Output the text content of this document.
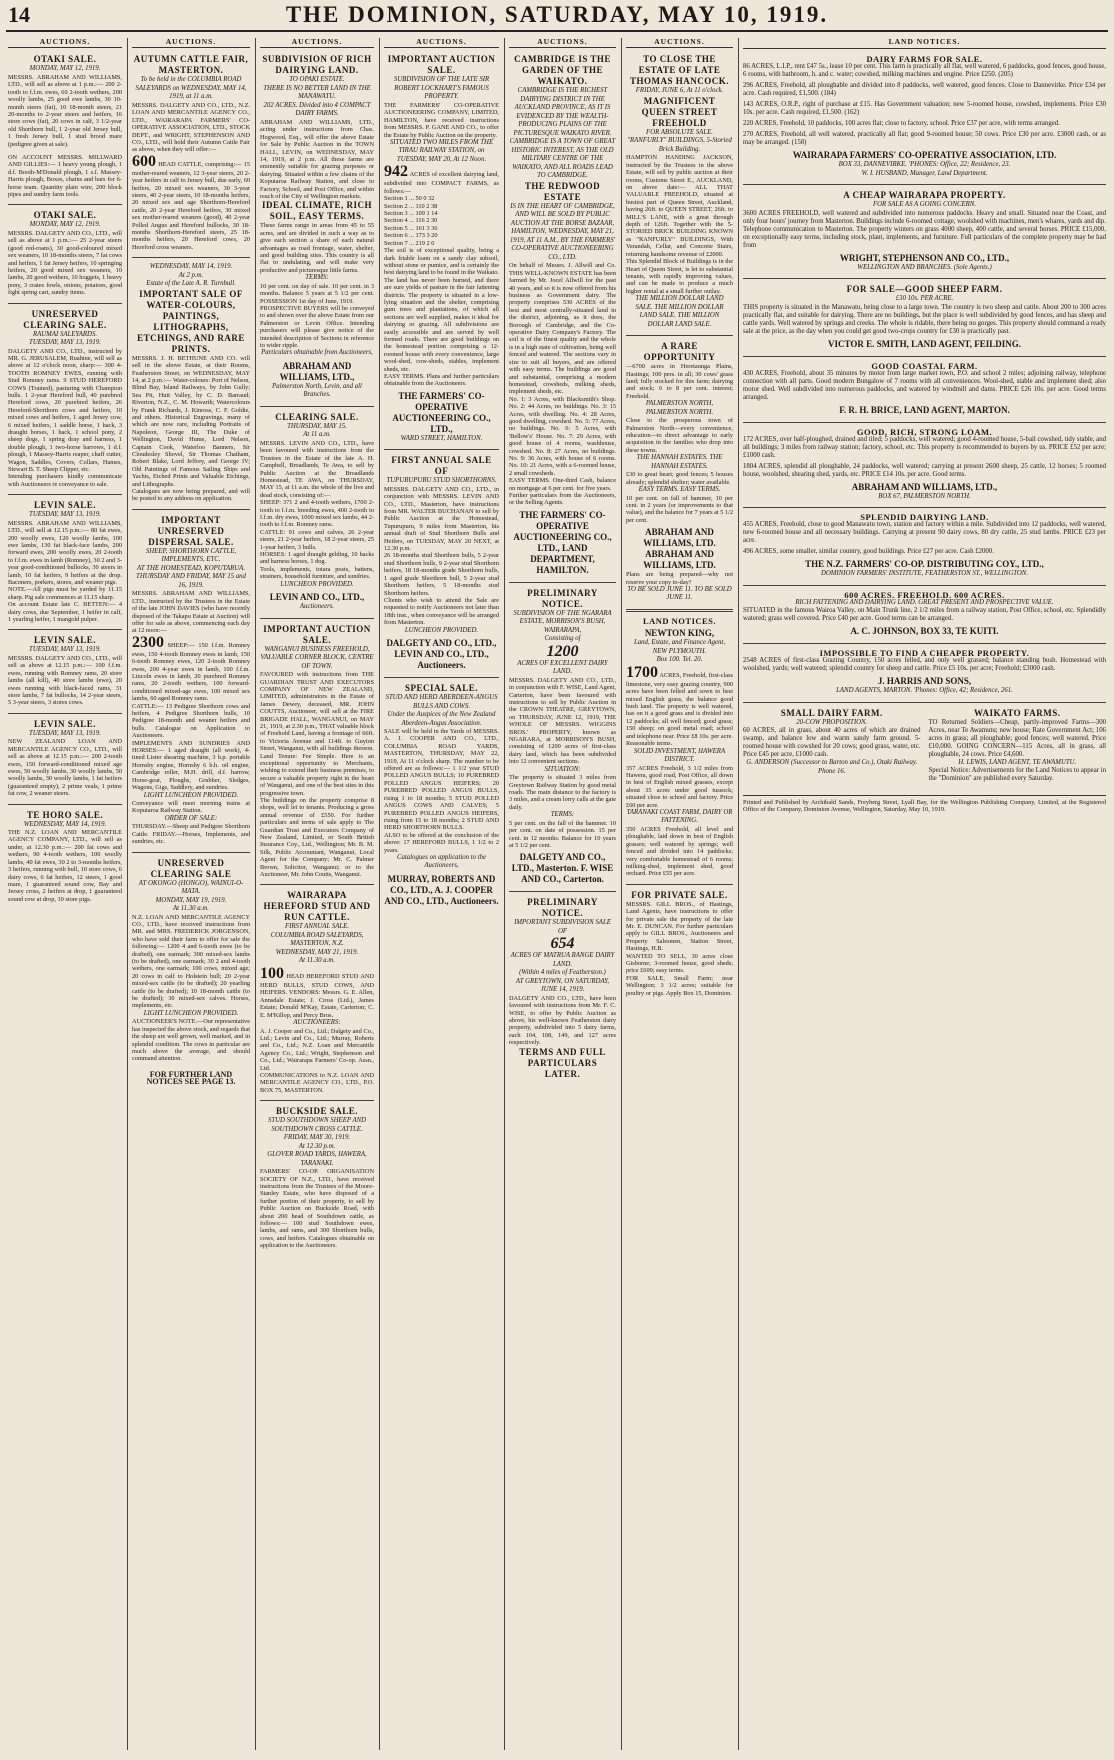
14	THE DOMINION, SATURDAY, MAY 10, 1919.
AUCTIONS.
OTAKI SALE.
MONDAY, MAY 12, 1919.
MESSRS. ABRAHAM AND WILLIAMS, LTD., will sell as above at 1 p.m.:— 200 2-tooth to f.f.m. ewes, 60 2-tooth wethers, 200 woolly lambs, 25 good ewe lambs, 30 10-month steers (fat), 10 18-month steers, 21 20-months to 2-year steers and heifers, 16 store cows (fat), 20 cows in calf, 3 1/2-year old Shorthorn bull, 1 2-year old Jersey bull, 1 fresh Jersey bull, 1 stud brood mare (pedigree given at sale).
ON ACCOUNT MESSRS. MILLWARD AND GILLIES:— 1 heavy young plough, 1 d.f. Booth-M'Donald plough, 1 s.f. Massey-Harris plough, Boxes, chains and bars for 6-horse team. Quantity plain wire, 200 block pipes and sundry farm tools.
OTAKI SALE.
MONDAY, MAY 12, 1919.
MESSRS. DALGETY AND CO., LTD., will sell as above at 1 p.m.:— 25 2-year steers (good red-roans), 30 good-coloured mixed sex weaners, 10 18-months steers, 7 fat cows and heifers, 1 fat Jersey heifers, 10 springing heifers, 20 good mixed sex weaners, 10 lambs, 20 good wethers, 10 hoggets, 1 heavy pony, 3 crates fowls, onions, potatoes, good fight spring cart, sundry items.
UNRESERVED CLEARING SALE.
RAUMAI SALEYARDS.
TUESDAY, MAY 13, 1919.
DALGETY AND CO., LTD., instructed by MR. G. JERUSALEM, Ruahine, will sell as above at 12 o'clock noon, sharp:— 300 4-TOOTH ROMNEY EWES, running with Stud Romney rams. 9 STUD HEREFORD COWS (Trained), pasturing with Champion bulls. 1 2-year Hereford bull, 40 purebred Hereford cows, 20 purebred heifers, 26 Hereford-Shorthorn cows and heifers, 10 mixed cows and heifers, 1 aged Jersey cow, 6 mixed heifers, 1 saddle horse, 1 hack, 3 draught horses, 1 hack, 1 school pony, 2 sheep dogs, 1 spring dray and harness, 1 double plough, 1 two-horse harrows, 1 d.f. plough, 1 Massey-Harris reaper, chaff cutter, Wagon, Saddles, Covers, Collars, Hames, Stewart B. T. Sheep Clipper, etc.
Intending purchasers kindly communicate with Auctioneers re conveyance to sale.
LEVIN SALE.
TUESDAY, MAY 13, 1919.
MESSRS. ABRAHAM AND WILLIAMS, LTD., will sell at 12.15 p.m.:— 80 fat ewes, 200 woolly ewes, 120 woolly lambs, 100 ewe lambs, 130 fat black-face lambs, 200 forward ewes, 200 woolly ewes, 20 2-tooth to f.f.m. ewes in lamb (Romney), 30 2 and 3-year good-conditioned bullocks, 30 steers in lamb, 10 fat heifers, 9 heifers at the drop. Baconers, porkers, stores, and weaner pigs.
NOTE.—All pigs must be yarded by 11.15 sharp. Pig sale commences at 11.15 sharp.
On account Estate late C. BETTEN:— 4 dairy cows, due September, 1 heifer in calf, 1 yearling heifer, 1 mangold pulper.
LEVIN SALE.
TUESDAY, MAY 13, 1919.
MESSRS. DALGETY AND CO., LTD., will sell as above at 12.15 p.m.:— 100 f.f.m. ewes, running with Romney rams, 20 store lambs (all kill), 40 store lambs (ewe), 20 ewes running with black-faced rams, 31 store lambs, 7 fat bullocks, 14 2-year steers, 5 3-year steers, 3 stores cows.
LEVIN SALE.
TUESDAY, MAY 13, 1919.
NEW ZEALAND LOAN AND MERCANTILE AGENCY CO., LTD., will sell as above at 12.15 p.m.:— 200 2-tooth ewes, 150 forward-conditioned mixed age ewes, 50 woolly lambs, 30 woolly lambs, 50 woolly lambs, 30 woolly lambs, 1 fat heifers (guaranteed empty), 2 prime veals, 1 prime fat cow, 2 weaner steers.
TE HORO SALE.
WEDNESDAY, MAY 14, 1919.
THE N.Z. LOAN AND MERCANTILE AGENCY COMPANY, LTD., will sell as under, at 12.30 p.m.:— 200 fat cows and wethers, 90 4-tooth wethers, 100 woolly lambs, 40 fat ewes, 30 2 to 3-months heifers, 3 heifers, running with bull, 10 store cows, 6 dairy cows, 6 fat heifers, 12 steers, 1 good mare, 1 guaranteed sound cow, Bay and Jersey cross, 2 heifers at drop, 1 guaranteed sound cow at drop, 10 store pigs.
AUCTIONS.
AUTUMN CATTLE FAIR, MASTERTON.
To be held in the COLUMBIA ROAD SALEYARDS on WEDNESDAY, MAY 14, 1919, at 11 a.m.
MESSRS. DALGETY AND CO., LTD., N.Z. LOAN AND MERCANTILE AGENCY CO., LTD., WAIRARAPA FARMERS' CO-OPERATIVE ASSOCIATION, LTD., STOCK DEPT., and WRIGHT, STEPHENSON AND CO., LTD., will hold their Autumn Cattle Fair as above, when they will offer:—
600 HEAD CATTLE, comprising:— 15 mother-reared weaners, 12 3-year steers, 20 2-year heifers in calf to Jersey bull, due early, 60 heifers, 20 mixed sex weaners, 30 3-year steers, 40 2-year steers, 10 18-months heifers, 20 mixed sex and age Shorthorn-Hereford cattle, 20 2-year Hereford heifers, 30 mixed sex mother-reared weaners (good), 40 2-year Polled Angus and Hereford bullocks, 30 18-months Shorthorn-Hereford steers, 25 18-months heifers, 20 Hereford cows, 20 Hereford cross weaners.
WEDNESDAY, MAY 14, 1919.
At 2 p.m.
Estate of the Late A. R. Turnbull.
IMPORTANT SALE OF WATER-COLOURS, PAINTINGS, LITHOGRAPHS, ETCHINGS, AND RARE PRINTS.
MESSRS. J. H. BETHUNE AND CO. will sell in the above Estate, at their Rooms, Featherston Street, on WEDNESDAY, MAY 14, at 2 p.m.:— Water-colours: Port of Nelson, Blind Bay, Island Railways, by John Gully; Sea Pit, Hutt Valley, by C. D. Barraud; Riverton, N.Z., C. M. Howarth; Watercolours by Frank Richards, J. Kinross, C. F. Goldie, and others. Historical Engravings, many of which are now rare, including Portraits of Napoleon, George III, The Duke of Wellington, David Hume, Lord Nelson, Captain Cook, Waterloo Banners, Sir Cloudesley Shovel, Sir Thomas Chatham, Robert Blake, Lord Jeffrey, and George IV; Old Paintings of Famous Sailing Ships and Yachts, Etched Prints and Valuable Etchings, and Lithographs.
Catalogues are now being prepared, and will be posted to any address on application.
IMPORTANT UNRESERVED DISPERSAL SALE.
SHEEP, SHORTHORN CATTLE, IMPLEMENTS, ETC.
AT THE HOMESTEAD, KOPUTARUA.
THURSDAY AND FRIDAY, MAY 15 and 16, 1919.
MESSRS. ABRAHAM AND WILLIAMS, LTD., instructed by the Trustees in the Estate of the late JOHN DAVIES (who have recently disposed of the Takapu Estate at Auction) will offer for sale as above, commencing each day at 12 noon:—
2300 SHEEP:— 150 f.f.m. Romney ewes, 150 4-tooth Romney ewes in lamb, 150 6-tooth Romney ewes, 120 2-tooth Romney ewes, 200 4-year ewes in lamb, 100 f.f.m. Lincoln ewes in lamb, 20 purebred Romney rams, 20 2-tooth wethers, 100 forward-conditioned mixed-age ewes, 100 mixed sex lambs, 60 aged Romney rams.
CATTLE:— 13 Pedigree Shorthorn cows and heifers, 4 Pedigree Shorthorn bulls, 10 Pedigree 18-month and weaner heifers and bulls. Catalogue on Application to Auctioneers.
IMPLEMENTS AND SUNDRIES AND HORSES:— 1 aged draught (all work), 4-tined Lister shearing machine, 3 h.p. portable Hornsby engine, Hornsby 6 b.h. oil engine, Cambridge roller, M.H. drill, d.f. harrow, Horse-gear, Ploughs, Grubber, Sledges, Wagons, Gigs, Saddlery, and sundries.
LIGHT LUNCHEON PROVIDED.
Conveyance will meet morning trains at Koputaroa Railway Station.
ORDER OF SALE:
THURSDAY.—Sheep and Pedigree Shorthorn Cattle. FRIDAY.—Horses, Implements, and sundries, etc.
UNRESERVED CLEARING SALE
AT OKONGO (HONGO), WAINUI-O-MATA.
MONDAY, MAY 19, 1919.
At 11.30 a.m.
N.Z. LOAN AND MERCANTILE AGENCY CO., LTD., have received instructions from MR. and MRS. FREDERICK JORGENSON, who have sold their farm to offer for sale the following:— 1200 4 and 6-tooth ewes (to be drafted), one earmark; 300 mixed-sex lambs (to be drafted), one earmark; 30 2 and 4-tooth wethers, one earmark; 100 cows, mixed age; 20 cows in calf to Holstein bull; 20 2-year mixed-sex cattle (to be drafted); 20 yearling cattle (to be drafted); 10 18-month cattle (to be drafted); 30 mixed-sex calves. Horses, implements, etc.
LIGHT LUNCHEON PROVIDED.
AUCTIONEER'S NOTE.—Our representative has inspected the above stock, and regards that the sheep are well grown, well marked, and in splendid condition. The cows in particular are much above the average, and should command attention.
FOR FURTHER LAND NOTICES SEE PAGE 13.
AUCTIONS.
SUBDIVISION OF RICH DAIRYING LAND.
TO OPAKI ESTATE.
THERE IS NO BETTER LAND IN THE MANAWATU.
202 ACRES. Divided into 4 COMPACT DAIRY FARMS.
ABRAHAM AND WILLIAMS, LTD., acting under instructions from Chas. Hogwood, Esq., will offer the above Estate for Sale by Public Auction in the TOWN HALL, LEVIN, on WEDNESDAY, MAY 14, 1919, at 2 p.m. All these farms are eminently suitable for grazing purposes or dairying. Situated within a few chains of the Koputaroa Railway Station, and close to Factory, School, and Post Office, and within reach of the City of Wellington markets.
IDEAL CLIMATE, RICH SOIL, EASY TERMS.
These farms range in areas from 45 to 55 acres, and are divided in such a way as to give each section a share of each natural advantages as road frontage, water, shelter, and good building sites. This country is all flat to undulating, and will make very productive and picturesque little farms.
TERMS:
10 per cent. on day of sale. 10 per cent. in 3 months. Balance 5 years at 5 1/2 per cent. POSSESSION 1st day of June, 1919.
PROSPECTIVE BUYERS will be conveyed to and shown over the above Estate from our Palmerston or Levin Office. Intending purchasers will please give notice of the intended description of Sections in reference to wider ripple.
Particulars obtainable from Auctioneers,
ABRAHAM AND WILLIAMS, LTD.,
Palmerston North, Levin, and all Branches.
CLEARING SALE.
THURSDAY, MAY 15.
At 11 a.m.
MESSRS. LEVIN AND CO., LTD., have been favoured with instructions from the Trustees in the Estate of the late A. H. Campbell, Broadlands, Te Awa, to sell by Public Auction at the Broadlands Homestead, TE AWA, on THURSDAY, MAY 15, at 11 a.m. the whole of the live and dead stock, consisting of:—
SHEEP: 371 2 and 4-tooth wethers, 1700 2-tooth to f.f.m. breeding ewes, 400 2-tooth to f.f.m. dry ewes, 1000 mixed sex lambs, 44 2-tooth to f.f.m. Romney rams.
CATTLE: 91 cows and calves, 26 2-year steers, 21 2-year heifers, 18 2-year steers, 25 1-year heifers, 3 bulls.
HORSES: 1 aged draught gelding, 10 hacks and harness horses, 1 dog.
Tools, implements, totara posts, battens, strainers, household furniture, and sundries.
LUNCHEON PROVIDED.
LEVIN AND CO., LTD.,
Auctioneers.
IMPORTANT AUCTION SALE.
WANGANUI BUSINESS FREEHOLD, VALUABLE CORNER BLOCK, CENTRE OF TOWN.
FAVOURED with instructions from THE GUARDIAN TRUST AND EXECUTORS COMPANY OF NEW ZEALAND, LIMITED, administrators in the Estate of James Dewey, deceased, MR. JOHN COUTTS, Auctioneer, will sell at the FIRE BRIGADE HALL, WANGANUI, on MAY 21, 1919, at 2.30 p.m., THAT valuable block of Freehold Land, having a frontage of 66ft. to Victoria Avenue and 114ft. to Guyton Street, Wanganui, with all buildings thereon. Land Tenure: Fee Simple. Here is an exceptional opportunity to Merchants, wishing to extend their business premises, to secure a valuable property right in the heart of Wanganui, and one of the best sites in this progressive town.
The buildings on the property comprise 8 shops, well let to tenants. Producing a gross annual revenue of £550. For further particulars and terms of sale apply to The Guardian Trust and Executors Company of New Zealand, Limited, or South British Insurance Coy., Ltd., Wellington; Mr. B. M. Silk, Public Accountant, Wanganui, Local Agent for the Company; Mr. C. Palmer Brown, Solicitor, Wanganui; or to the Auctioneer, Mr. John Coutts, Wanganui.
WAIRARAPA HEREFORD STUD AND RUN CATTLE.
FIRST ANNUAL SALE.
COLUMBIA ROAD SALEYARDS, MASTERTON, N.Z.
WEDNESDAY, MAY 21, 1919.
At 11.30 a.m.
100 HEAD HEREFORD STUD AND HERD BULLS, STUD COWS, AND HEIFERS. VENDORS: Messrs. G. E. Allen, Annsdale Estate; J. Cross (Ltd.), James Estate; Donald M'Kay, Estate, Carterton; C. E. M'Killop, and Percy Bros.
AUCTIONEERS:
A. J. Cooper and Co., Ltd.; Dalgety and Co., Ltd.; Levin and Co., Ltd.; Murray, Roberts and Co., Ltd.; N.Z. Loan and Mercantile Agency Co., Ltd.; Wright, Stephenson and Co., Ltd.; Wairarapa Farmers' Co-op. Assn., Ltd.
COMMUNICATIONS to N.Z. LOAN AND MERCANTILE AGENCY CO., LTD., P.O. BOX 75, MASTERTON.
BUCKSIDE SALE.
STUD SOUTHDOWN SHEEP AND SOUTHDOWN CROSS CATTLE.
FRIDAY, MAY 30, 1919.
At 12.30 p.m.
GLOVER ROAD YARDS, HAWERA, TARANAKI.
FARMERS' CO-OP. ORGANISATION SOCIETY OF N.Z., LTD., have received instructions from the Trustees of the Moore-Stanley Estate, who have disposed of a further portion of their property, to sell by Public Auction on Buckside Road, with about 200 head of Southdown cattle, as follows:— 100 stud Southdown ewes, lambs, and rams, and 300 Shorthorn bulls, cows, and heifers. Catalogues obtainable on application to the Auctioneers.
AUCTIONS.
IMPORTANT AUCTION SALE.
SUBDIVISION OF THE LATE SIR ROBERT LOCKHART'S FAMOUS PROPERTY.
THE FARMERS' CO-OPERATIVE AUCTIONEERING COMPANY, LIMITED, HAMILTON, have received instructions from MESSRS. P. GANE AND CO., to offer the Estate by Public Auction on the property.
SITUATED TWO MILES FROM THE TIRAU RAILWAY STATION, on TUESDAY, MAY 20, At 12 Noon.
942 ACRES of excellent dairying land, subdivided into COMPACT FARMS, as follows:—
Section 1 ... 50 0 32
Section 2 ... 110 2 38
Section 3 ... 109 1 14
Section 4 ... 116 2 30
Section 5 ... 161 3 36
Section 6 ... 173 3 20
Section 7 ... 219 2 0
The soil is of exceptional quality, being a dark friable loam on a sandy clay subsoil, without stone or pumice, and is certainly the best dairying land to be found in the Waikato. The land has never been burned, and there are sure yields of pasture in the fair fattening districts. The property is situated in a low-lying situation and the shelter, comprising gum trees and plantations, of which all sections are well supplied, makes it ideal for dairying or grazing. All subdivisions are easily accessible and are served by well formed roads. There are good buildings on the homestead portion comprising a 12-roomed house with every convenience, large wool-shed, cow-sheds, stables, implement sheds, etc.
EASY TERMS. Plans and further particulars obtainable from the Auctioneers.
THE FARMERS' CO-OPERATIVE AUCTIONEERING CO., LTD.,
WARD STREET, HAMILTON.
FIRST ANNUAL SALE OF
TUPURUPURU STUD SHORTHORNS.
MESSRS. DALGETY AND CO., LTD., in conjunction with MESSRS. LEVIN AND CO., LTD., Masterton, have instructions from MR. WALTER BUCHANAN to sell by Public Auction at the Homestead, Tupurupuru, 9 miles from Masterton, his annual draft of Stud Shorthorn Bulls and Heifers, on TUESDAY, MAY 20 NEXT, at 12.30 p.m.
26 18-months stud Shorthorn bulls, 5 2-year stud Shorthorn bulls, 9 2-year stud Shorthorn heifers, 18 18-months grade Shorthorn bulls, 1 aged grade Shorthorn bull, 5 2-year stud Shorthorn heifers, 5 18-months stud Shorthorn heifers.
Clients who wish to attend the Sale are requested to notify Auctioneers not later than 18th inst., when conveyance will be arranged from Masterton.
LUNCHEON PROVIDED.
DALGETY AND CO., LTD., LEVIN AND CO., LTD., Auctioneers.
SPECIAL SALE.
STUD AND HERD ABERDEEN-ANGUS BULLS AND COWS.
Under the Auspices of the New Zealand Aberdeen-Angus Association.
SALE will be held in the Yards of MESSRS. A. J. COOPER AND CO., LTD., COLUMBIA ROAD YARDS, MASTERTON, THURSDAY, MAY 22, 1919, At 11 o'clock sharp. The number to be offered are as follows:— 1 1/2 year STUD POLLED ANGUS BULLS; 10 PUREBRED POLLED ANGUS HEIFERS; 20 PUREBRED POLLED ANGUS BULLS, rising 1 to 18 months; 5 STUD POLLED ANGUS COWS AND CALVES; 5 PUREBRED POLLED ANGUS HEIFERS, rising from 15 to 18 months; 2 STUD AND HERD SHORTHORN BULLS.
ALSO to be offered at the conclusion of the above: 17 HEREFORD BULLS, 1 1/2 to 2 years.
Catalogues on application to the Auctioneers,
MURRAY, ROBERTS AND CO., LTD., A. J. COOPER AND CO., LTD., Auctioneers.
AUCTIONS.
CAMBRIDGE IS THE GARDEN OF THE WAIKATO.
CAMBRIDGE IS THE RICHEST DAIRYING DISTRICT IN THE AUCKLAND PROVINCE, AS IT IS EVIDENCED BY THE WEALTH-PRODUCING PLAINS OF THE PICTURESQUE WAIKATO RIVER.
CAMBRIDGE IS A TOWN OF GREAT HISTORIC INTEREST, AS THE OLD MILITARY CENTRE OF THE WAIKATO, AND ALL ROADS LEAD TO CAMBRIDGE.
THE REDWOOD ESTATE
IS IN THE HEART OF CAMBRIDGE, AND WILL BE SOLD BY PUBLIC AUCTION AT THE BORSE BAZAAR, HAMILTON, WEDNESDAY, MAY 21, 1919, AT 11 A.M., BY THE FARMERS' CO-OPERATIVE AUCTIONEERING CO., LTD.
On behalf of Messrs. J. Allwill and Co. THIS WELL-KNOWN ESTATE has been farmed by Mr. Jocel Allwill for the past 40 years, and so it is now offered from his business as Government dairy. The property comprises 530 ACRES of the best and most centrally-situated land in the district, adjoining, as it does, the Borough of Cambridge, and the Co-operative Dairy Company's Factory. The soil is of the finest quality and the whole is in a high state of cultivation, being well fenced and watered. The sections vary in size to suit all buyers, and are offered with easy terms. The buildings are good and substantial, comprising a modern homestead, cowsheds, milking sheds, implement sheds, etc.
No. 1: 3 Acres, with Blacksmith's Shop. No. 2: 44 Acres, no buildings. No. 3: 15 Acres, with dwelling. No. 4: 28 Acres, good dwelling, cowshed. No. 5: 77 Acres, no buildings. No. 6: 5 Acres, with 'Bellow's' House. No. 7: 29 Acres, with good house of 4 rooms, washhouse, cowshed. No. 8: 27 Acres, no buildings. No. 9: 36 Acres, with house of 6 rooms. No. 10: 21 Acres, with a 6-roomed house, 2 small cowsheds.
EASY TERMS. One-third Cash, balance on mortgage at 6 per cent. for five years.
Further particulars from the Auctioneers, or the Selling Agents.
THE FARMERS' CO-OPERATIVE AUCTIONEERING CO., LTD., LAND DEPARTMENT, HAMILTON.
PRELIMINARY NOTICE.
SUBDIVISION OF THE NGARARA ESTATE, MORRISON'S BUSH, WAIRARAPA,
Consisting of
1200
ACRES OF EXCELLENT DAIRY LAND.
MESSRS. DALGETY AND CO., LTD., in conjunction with F. WISE, Land Agent, Carterton, have been favoured with instructions to sell by Public Auction in the CROWN THEATRE, GREYTOWN, on THURSDAY, JUNE 12, 1919, THE WHOLE OF MESSRS. WIGGINS BROS.' PROPERTY, known as NGARARA, at MORRISON'S BUSH, consisting of 1200 acres of first-class dairy land, which has been subdivided into 12 convenient sections.
SITUATION:
The property is situated 3 miles from Greytown Railway Station by good metal roads. The main distance to the factory is 3 miles, and a cream lorry calls at the gate daily.
TERMS:
5 per cent. on the fall of the hammer. 10 per cent. on date of possession. 15 per cent. in 12 months. Balance for 10 years at 5 1/2 per cent.
DALGETY AND CO., LTD., Masterton. F. WISE AND CO., Carterton.
PRELIMINARY NOTICE.
IMPORTANT SUBDIVISION SALE OF
654
ACRES OF MATRUA RANGE DAIRY LAND.
(Within 4 miles of Featherston.)
AT GREYTOWN, ON SATURDAY, JUNE 14, 1919.
DALGETY AND CO., LTD., have been favoured with instructions from Mr. F. C. WISE, to offer by Public Auction as above, his well-known Featherston dairy property, subdivided into 5 dairy farms, each 104, 108, 149, and 127 acres respectively.
TERMS AND FULL PARTICULARS LATER.
AUCTIONS.
TO CLOSE THE ESTATE OF LATE THOMAS HANCOCK.
FRIDAY, JUNE 6, At 11 o'clock.
MAGNIFICENT QUEEN STREET FREEHOLD
FOR ABSOLUTE SALE. "RANFURLY" BUILDINGS, 5-Storied Brick Building.
HAMPTON HANDING JACKSON, instructed by the Trustees in the above Estate, will sell by public auction at their rooms, Customs Street E., AUCKLAND, on above date:— ALL THAT VALUABLE FREEHOLD, situated at busiest part of Queen Street, Auckland, having 26ft. to QUEEN STREET, 26ft. to MILL'S LANE, with a great through depth of 126ft. Together with the 5-STORIED BRICK BUILDING KNOWN as "RANFURLY" BUILDINGS, With Verandah, Cellar, and Concrete Stairs, returning handsome revenue of £2000.
This Splendid Block of Buildings is in the Heart of Queen Street, is let to substantial tenants, with rapidly improving values, and can be made to produce a much higher rental at a small further outlay.
THE MILLION DOLLAR LAND SALE. THE MILLION DOLLAR LAND SALE. THE MILLION DOLLAR LAND SALE.
A RARE OPPORTUNITY
—6700 acres in Heretaunga Plains, Hastings; 100 pers. in all; 30 cows' grass land; fully stocked for this farm; dairying and stock; 6 to 8 per cent. interest; Freehold.
PALMERSTON NORTH, PALMERSTON NORTH.
Close to the prosperous town of Palmerston North—every convenience, education—to direct advantage to early acquisition in the families who drop into these towns.
THE HANNAH ESTATES. THE HANNAH ESTATES.
£30 to great heart; good fences; 5 houses already; splendid shelter; water available.
EASY TERMS. EASY TERMS.
10 per cent. on fall of hammer, 10 per cent. in 2 years (or improvements to that value), and the balance for 7 years at 5 1/2 per cent.
ABRAHAM AND WILLIAMS, LTD. ABRAHAM AND WILLIAMS, LTD.
Plans are being prepared—why not reserve your copy to-day?
TO BE SOLD JUNE 11. TO BE SOLD JUNE 11.
LAND NOTICES.
NEWTON KING,
Land, Estate, and Finance Agent, NEW PLYMOUTH.
Box 100. Tel. 20.
1700 ACRES, Freehold, first-class limestone, very easy grazing country, 900 acres have been felled and sown to best mixed English grass, the balance good bush land. The property is well watered, has on it a good grass and is divided into 12 paddocks; all well fenced; good grass; 150 sheep; on good metal road; school and telephone near. Price £8 10s. per acre. Reasonable terms.
SOLID INVESTMENT, HAWERA DISTRICT.
357 ACRES Freehold, 3 1/2 miles from Hawera, good road, Post Office, all down in best of English mixed grasses, except about 35 acres under good tussock; situated close to school and factory. Price £60 per acre.
TARANAKI COAST FARM, DAIRY OR FATTENING.
350 ACRES Freehold, all level and ploughable, laid down in best of English grasses; well watered by springs; well fenced and divided into 14 paddocks; very comfortable homestead of 6 rooms; milking-shed, implement shed, good orchard. Price £55 per acre.
FOR PRIVATE SALE.
MESSRS. GILL BROS., of Hastings, Land Agents, have instructions to offer for private sale the property of the late Mr. E. DUNCAN. For further particulars apply to GILL BROS., Auctioneers and Property Salesmen, Station Street, Hastings, H.B.
WANTED TO SELL, 30 acres close Gisborne; 3-roomed house, good sheds; price £600; easy terms.
FOR SALE, Small Farm; near Wellington; 3 1/2 acres; suitable for poultry or pigs. Apply Box 15, Dominion.
LAND NOTICES.
DAIRY FARMS FOR SALE.

86 ACRES, L.I.P., rent £47 5s., lease 10 per cent. This farm is practically all flat, well watered, 6 paddocks, good fences, good house, 6 rooms, with bathroom, h. and c. water; cowshed, milking machines and engine. Price £250. (205)

296 ACRES, Freehold, all ploughable and divided into 8 paddocks, well watered, good fences. Close to Dannevirke. Price £34 per acre. Cash required, £1,500. (184)

143 ACRES, O.R.P., right of purchase at £15. Has Government valuation; new 5-roomed house, cowshed, implements. Price £30 10s. per acre. Cash required, £1,500. (162)

220 ACRES, Freehold, 10 paddocks, 100 acres flat; close to factory, school. Price £37 per acre, with terms arranged.

270 ACRES, Freehold, all well watered, practically all flat; good 9-roomed house; 50 cows. Price £30 per acre. £3000 cash, or as may be arranged. (158)

WAIRARAPA FARMERS' CO-OPERATIVE ASSOCIATION, LTD.
BOX 33, DANNEVIRKE. 'PHONES: Office, 22; Residence, 23.
W. I. HUSBAND, Manager, Land Department.
A CHEAP WAIRARAPA PROPERTY.
FOR SALE AS A GOING CONCERN.
3600 ACRES FREEHOLD, well watered and subdivided into numerous paddocks. Heavy and small. Situated near the Coast, and only four hours' journey from Masterton. Buildings include 6-roomed cottage, woolshed with machines, men's whares, yards and dip. Telephone communication to Masterton. The property winters on grass 4000 sheep, 400 cattle, and several horses. PRICE £15,000, on exceptionally easy terms, including stock, plant, implements, and furniture. Full particulars of the complete property may be had from
WRIGHT, STEPHENSON AND CO., LTD.,
WELLINGTON AND BRANCHES. (Sole Agents.)
FOR SALE—GOOD SHEEP FARM.
£30 10s. PER ACRE.
THIS property is situated in the Manawatu, being close to a large town. The country is two sheep and cattle. About 200 to 300 acres practically flat, and suitable for dairying. There are no buildings, but the place is well subdivided by good fences, and has sheep and cattle yards. Well watered by springs and creeks. The whole is ridable, there being no gorges. This property should command a ready sale at the price, as the day when you could get good two-crops country for £30 is practically past.
VICTOR E. SMITH, LAND AGENT, FEILDING.
GOOD COASTAL FARM.
430 ACRES, Freehold, about 35 minutes by motor from large market town, P.O. and school 2 miles; adjoining railway, telephone connection with all parts. Good modern Bungalow of 7 rooms with all conveniences. Wool-shed, stable and implement shed; also motor shed. Well subdivided into numerous paddocks, and watered by windmill and dams. PRICE £26 10s. per acre. Good terms arranged.
F. R. H. BRICE, LAND AGENT, MARTON.
GOOD, RICH, STRONG LOAM.

172 ACRES, over half-ploughed, drained and tiled; 5 paddocks, well watered; good 4-roomed house, 5-bail cowshed, tidy stable, and all buildings; 3 miles from railway station; factory, school, etc. This property is recommended to buyers by us. PRICE £52 per acre; £1000 cash.

1804 ACRES, splendid all ploughable, 24 paddocks, well watered; carrying at present 2600 sheep, 25 cattle, 12 horses; 5 roomed house, woolshed, shearing shed, yards, etc. PRICE £14 10s. per acre. Good terms.

ABRAHAM AND WILLIAMS, LTD.,
BOX 67, PALMERSTON NORTH.
SPLENDID DAIRYING LAND.

455 ACRES, Freehold, close to good Manawatu town, station and factory within a mile. Subdivided into 12 paddocks, well watered, new 6-roomed house and all necessary buildings. Carrying at present 90 dairy cows, 80 dry cattle, 25 stud lambs. PRICE £23 per acre.

496 ACRES, some smaller, similar country, good buildings. Price £27 per acre. Cash £2000.

THE N.Z. FARMERS' CO-OP. DISTRIBUTING COY., LTD.,
DOMINION FARMERS' INSTITUTE, FEATHERSTON ST., WELLINGTON.
600 ACRES. FREEHOLD. 600 ACRES.
RICH FATTENING AND DAIRYING LAND. GREAT PRESENT AND PROSPECTIVE VALUE.
SITUATED in the famous Wairoa Valley, on Main Trunk line, 2 1/2 miles from a railway station, Post Office, school, etc. Splendidly watered; grass well covered. Price £40 per acre. Good terms can be arranged.
A. C. JOHNSON, BOX 33, TE KUITI.
IMPOSSIBLE TO FIND A CHEAPER PROPERTY.
2548 ACRES of first-class Grazing Country, 150 acres felled, and only well grassed; balance standing bush. Homestead with woolshed, yards; well watered; splendid country for sheep and cattle. Price £5 10s. per acre; Freehold; £3000 cash.
J. HARRIS AND SONS,
LAND AGENTS, MARTON. 'Phones: Office, 42; Residence, 261.
SMALL DAIRY FARM.
20-COW PROPOSITION.
60 ACRES, all in grass, about 40 acres of which are drained swamp, and balance low and warm sandy farm ground. 5-roomed house with cowshed for 20 cows; good grass, water, etc. Price £45 per acre, £1000 cash.
G. ANDERSON (Successor to Barton and Co.), Otaki Railway. Phone 16.
WAIKATO FARMS.
TO Returned Soldiers—Cheap, partly-improved Farms—300 Acres, near Te Awamutu; new house; Rate Government Act; 106 acres in grass; all ploughable; good fences; well watered. Price £10,000. GOING CONCERN—115 Acres, all in grass, all ploughable, 24 cows. Price £4,600.
H. LEWIS, LAND AGENT, TE AWAMUTU.
Special Notice: Advertisements for the Land Notices to appear in the "Dominion" are published every Saturday.
Printed and Published by Archibald Sands, Freyberg Street, Lyall Bay, for the Wellington Publishing Company, Limited, at the Registered Office of the Company, Dominion Avenue, Wellington, Saturday, May 10, 1919.
